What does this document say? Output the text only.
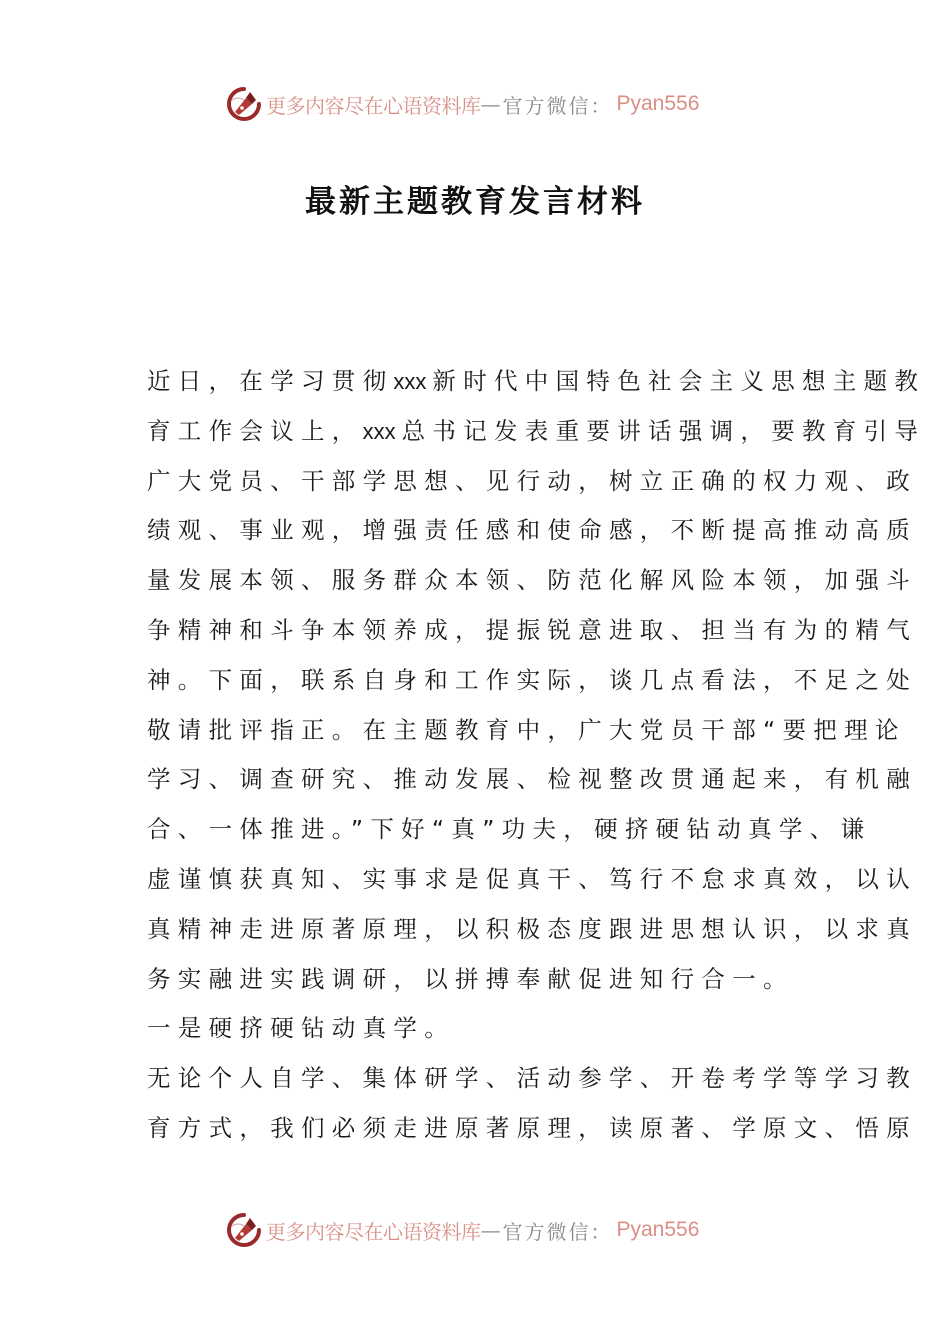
更多内容尽在心语资料库 — 官方微信： Pyan556
最新主题教育发言材料
近日，在学习贯彻xxx 新时代中国特色社会主义思想主题教
育工作会议上，xxx 总书记发表重要讲话强调，要教育引导
广大党员、干部学思想、见行动，树立正确的权力观、政
绩观、事业观，增强责任感和使命感，不断提高推动高质
量发展本领、服务群众本领、防范化解风险本领，加强斗
争精神和斗争本领养成，提振锐意进取、担当有为的精气
神。下面，联系自身和工作实际，谈几点看法，不足之处
敬请批评指正。在主题教育中，广大党员干部“要把理论
学习、调查研究、推动发展、检视整改贯通起来，有机融
合、一体推进。”下好“真”功夫，硬挤硬钻动真学、谦
虚谨慎获真知、实事求是促真干、笃行不怠求真效，以认
真精神走进原著原理，以积极态度跟进思想认识，以求真
务实融进实践调研，以拼搏奉献促进知行合一。
一是硬挤硬钻动真学。
无论个人自学、集体研学、活动参学、开卷考学等学习教
育方式，我们必须走进原著原理，读原著、学原文、悟原
更多内容尽在心语资料库 — 官方微信： Pyan556
